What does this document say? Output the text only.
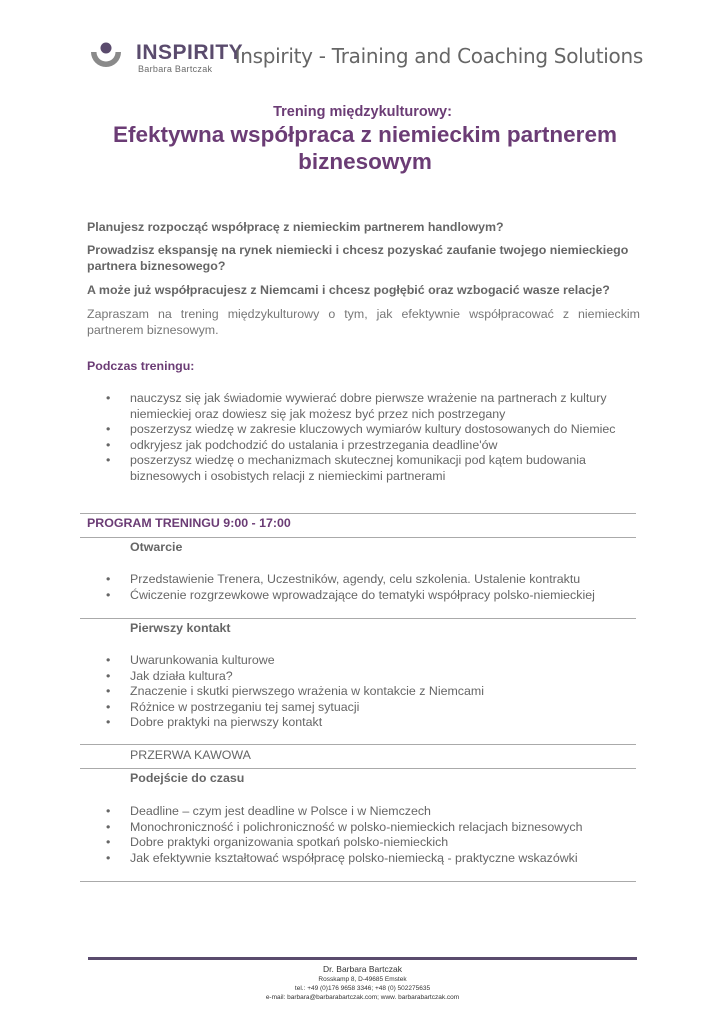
INSPIRITY
Barbara Bartczak
Inspirity - Training and Coaching Solutions
Trening międzykulturowy:
Efektywna współpraca z niemieckim partnerem biznesowym
Planujesz rozpocząć współpracę z niemieckim partnerem handlowym?
Prowadzisz ekspansję na rynek niemiecki i chcesz pozyskać zaufanie twojego niemieckiego partnera biznesowego?
A może już współpracujesz z Niemcami i chcesz pogłębić oraz wzbogacić wasze relacje?
Zapraszam na trening międzykulturowy o tym, jak efektywnie współpracować z niemieckim partnerem biznesowym.
Podczas treningu:
• nauczysz się jak świadomie wywierać dobre pierwsze wrażenie na partnerach z kultury niemieckiej oraz dowiesz się jak możesz być przez nich postrzegany
• poszerzysz wiedzę w zakresie kluczowych wymiarów kultury dostosowanych do Niemiec
• odkryjesz jak podchodzić do ustalania i przestrzegania deadline'ów
• poszerzysz wiedzę o mechanizmach skutecznej komunikacji pod kątem budowania biznesowych i osobistych relacji z niemieckimi partnerami
PROGRAM TRENINGU 9:00 - 17:00
Otwarcie
• Przedstawienie Trenera, Uczestników, agendy, celu szkolenia. Ustalenie kontraktu
• Ćwiczenie rozgrzewkowe wprowadzające do tematyki współpracy polsko-niemieckiej
Pierwszy kontakt
• Uwarunkowania kulturowe
• Jak działa kultura?
• Znaczenie i skutki pierwszego wrażenia w kontakcie z Niemcami
• Różnice w postrzeganiu tej samej sytuacji
• Dobre praktyki na pierwszy kontakt
PRZERWA KAWOWA
Podejście do czasu
• Deadline – czym jest deadline w Polsce i w Niemczech
• Monochroniczność i polichroniczność w polsko-niemieckich relacjach biznesowych
• Dobre praktyki organizowania spotkań polsko-niemieckich
• Jak efektywnie kształtować współpracę polsko-niemiecką - praktyczne wskazówki
Dr. Barbara Bartczak
Rosskamp 8, D-49685 Emstek
tel.: +49 (0)176 9658 3346; +48 (0) 502275635
e-mail: barbara@barbarabartczak.com; www. barbarabartczak.com
